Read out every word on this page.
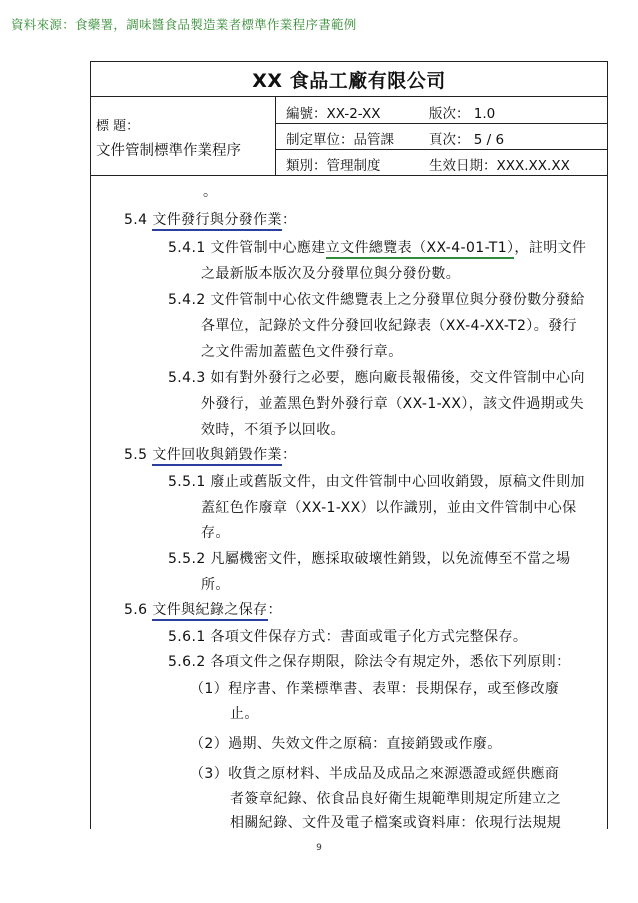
資料來源：食藥署，調味醬食品製造業者標準作業程序書範例
XX 食品工廠有限公司
標 題：
文件管制標準作業程序
編號：XX-2-XX	版次： 1.0
制定單位：品管課	頁次： 5 / 6
類別：管理制度	生效日期：XXX.XX.XX
。
5.4 文件發行與分發作業：
5.4.1 文件管制中心應建立文件總覽表（XX-4-01-T1），註明文件
之最新版本版次及分發單位與分發份數。
5.4.2 文件管制中心依文件總覽表上之分發單位與分發份數分發給
各單位，記錄於文件分發回收紀錄表（XX-4-XX-T2）。發行
之文件需加蓋藍色文件發行章。
5.4.3 如有對外發行之必要，應向廠長報備後，交文件管制中心向
外發行，並蓋黑色對外發行章（XX-1-XX），該文件過期或失
效時，不須予以回收。
5.5 文件回收與銷毀作業：
5.5.1 廢止或舊版文件，由文件管制中心回收銷毀，原稿文件則加
蓋紅色作廢章（XX-1-XX）以作識別，並由文件管制中心保
存。
5.5.2 凡屬機密文件，應採取破壞性銷毀，以免流傳至不當之場
所。
5.6 文件與紀錄之保存：
5.6.1 各項文件保存方式：書面或電子化方式完整保存。
5.6.2 各項文件之保存期限，除法令有規定外，悉依下列原則：
（1）程序書、作業標準書、表單：長期保存，或至修改廢
止。
（2）過期、失效文件之原稿：直接銷毀或作廢。
（3）收貨之原材料、半成品及成品之來源憑證或經供應商
者簽章紀錄、依食品良好衛生規範準則規定所建立之
相關紀錄、文件及電子檔案或資料庫：依現行法規規
9
